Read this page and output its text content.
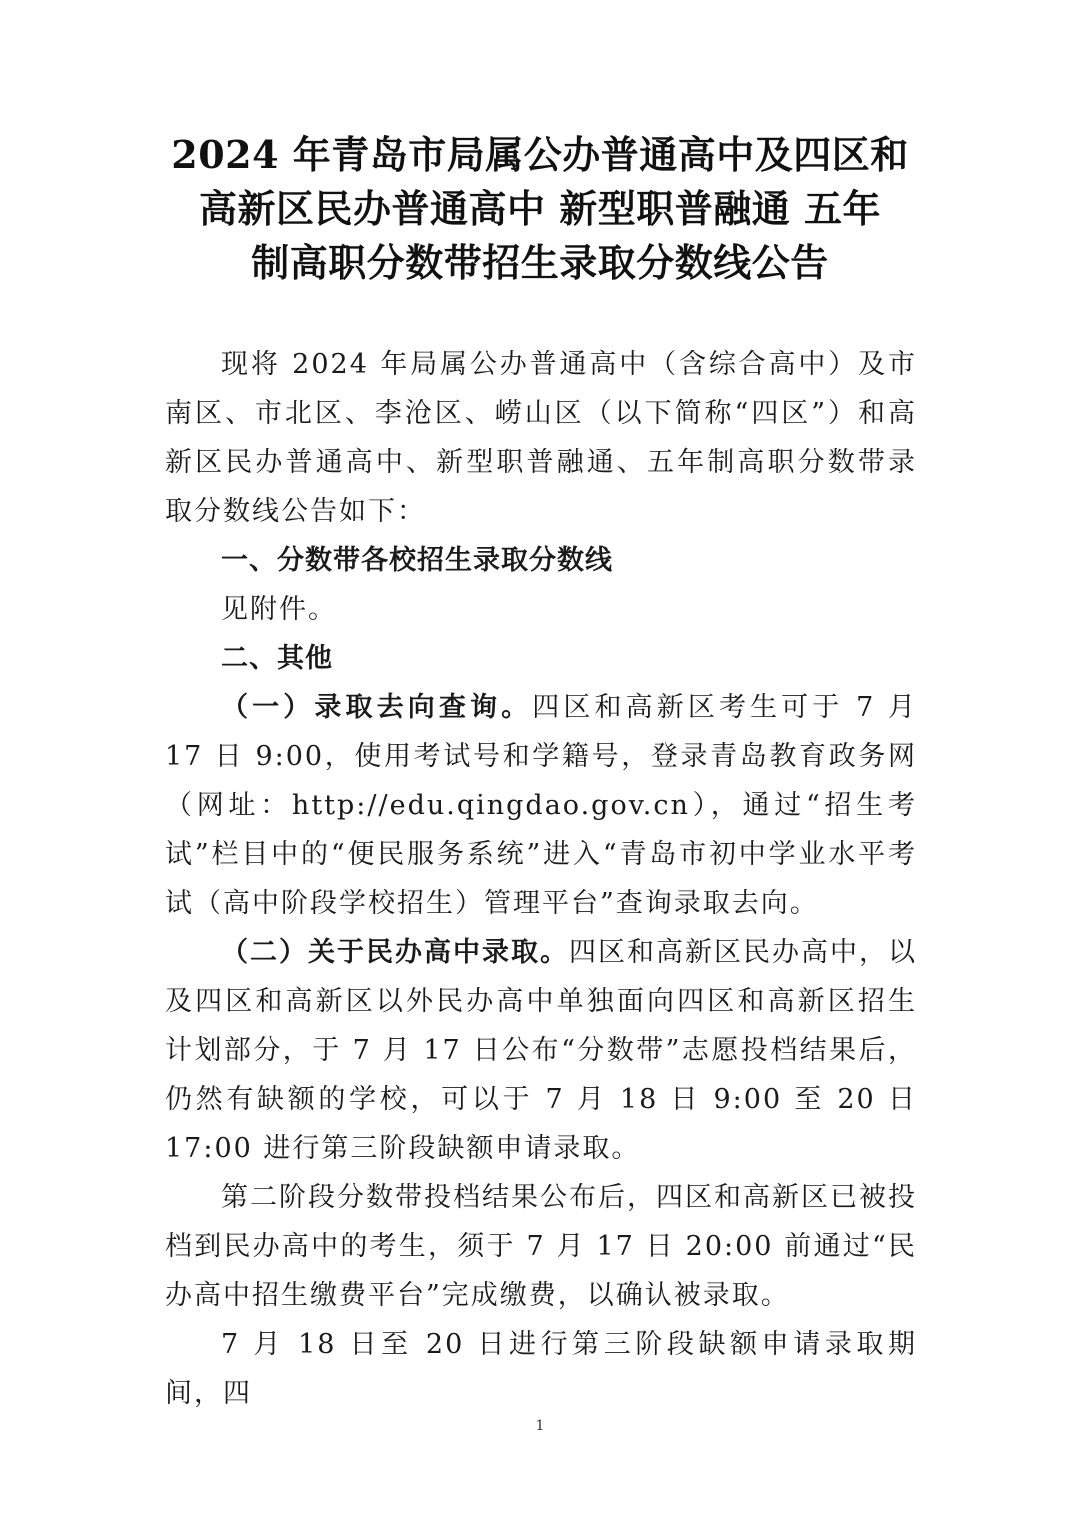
2024 年青岛市局属公办普通高中及四区和
高新区民办普通高中 新型职普融通 五年
制高职分数带招生录取分数线公告

现将 2024 年局属公办普通高中（含综合高中）及市南区、市北区、李沧区、崂山区（以下简称“四区”）和高新区民办普通高中、新型职普融通、五年制高职分数带录取分数线公告如下：

一、分数带各校招生录取分数线

见附件。

二、其他

（一）录取去向查询。四区和高新区考生可于 7 月 17 日 9:00，使用考试号和学籍号，登录青岛教育政务网（网址：http://edu.qingdao.gov.cn），通过“招生考试”栏目中的“便民服务系统”进入“青岛市初中学业水平考试（高中阶段学校招生）管理平台”查询录取去向。

（二）关于民办高中录取。四区和高新区民办高中，以及四区和高新区以外民办高中单独面向四区和高新区招生计划部分，于 7 月 17 日公布“分数带”志愿投档结果后，仍然有缺额的学校，可以于 7 月 18 日 9:00 至 20 日 17:00 进行第三阶段缺额申请录取。

第二阶段分数带投档结果公布后，四区和高新区已被投档到民办高中的考生，须于 7 月 17 日 20:00 前通过“民办高中招生缴费平台”完成缴费，以确认被录取。

7 月 18 日至 20 日进行第三阶段缺额申请录取期间，四

1
